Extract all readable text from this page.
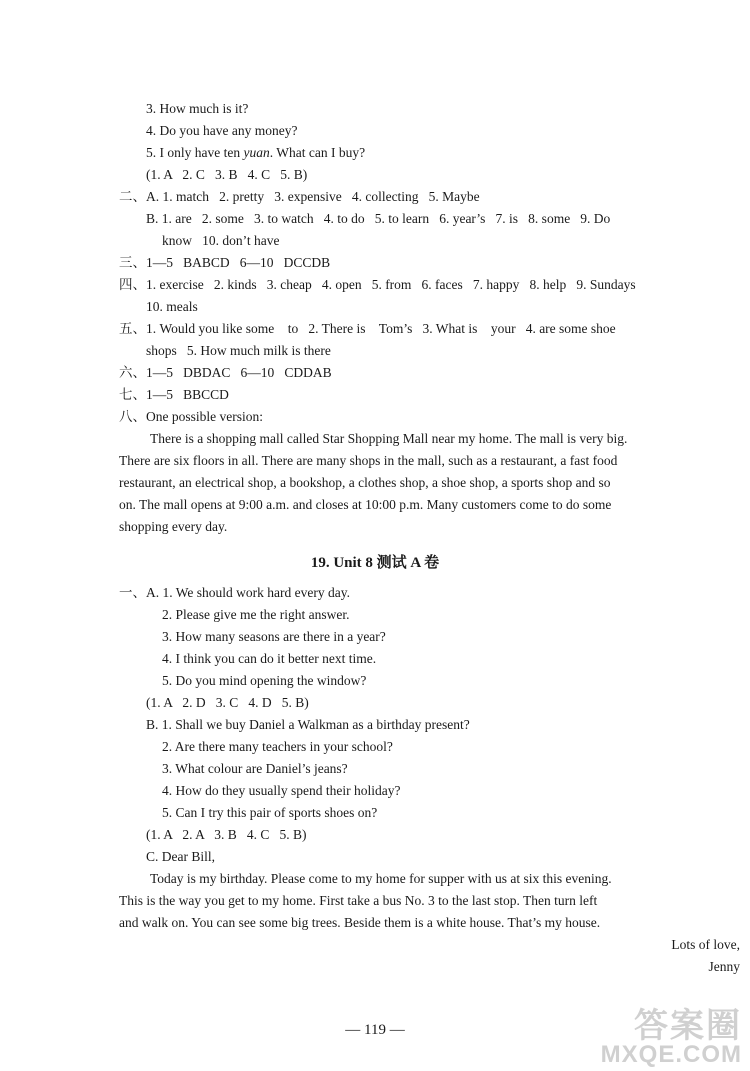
3. How much is it?
4. Do you have any money?
5. I only have ten yuan. What can I buy?
(1. A   2. C   3. B   4. C   5. B)
二、A. 1. match   2. pretty   3. expensive   4. collecting   5. Maybe
B. 1. are   2. some   3. to watch   4. to do   5. to learn   6. year’s   7. is   8. some   9. Do
know   10. don’t have
三、1—5   BABCD   6—10   DCCDB
四、1. exercise   2. kinds   3. cheap   4. open   5. from   6. faces   7. happy   8. help   9. Sundays
10. meals
五、1. Would you like some    to   2. There is    Tom’s   3. What is    your   4. are some shoe
shops   5. How much milk is there
六、1—5   DBDAC   6—10   CDDAB
七、1—5   BBCCD
八、One possible version:
There is a shopping mall called Star Shopping Mall near my home. The mall is very big.
There are six floors in all. There are many shops in the mall, such as a restaurant, a fast food
restaurant, an electrical shop, a bookshop, a clothes shop, a shoe shop, a sports shop and so
on. The mall opens at 9:00 a.m. and closes at 10:00 p.m. Many customers come to do some
shopping every day.
19. Unit 8 测试 A 卷
一、A. 1. We should work hard every day.
2. Please give me the right answer.
3. How many seasons are there in a year?
4. I think you can do it better next time.
5. Do you mind opening the window?
(1. A   2. D   3. C   4. D   5. B)
B. 1. Shall we buy Daniel a Walkman as a birthday present?
2. Are there many teachers in your school?
3. What colour are Daniel’s jeans?
4. How do they usually spend their holiday?
5. Can I try this pair of sports shoes on?
(1. A   2. A   3. B   4. C   5. B)
C. Dear Bill,
Today is my birthday. Please come to my home for supper with us at six this evening.
This is the way you get to my home. First take a bus No. 3 to the last stop. Then turn left
and walk on. You can see some big trees. Beside them is a white house. That’s my house.
Lots of love,
Jenny
— 119 —	答案圈
MXQE.COM
